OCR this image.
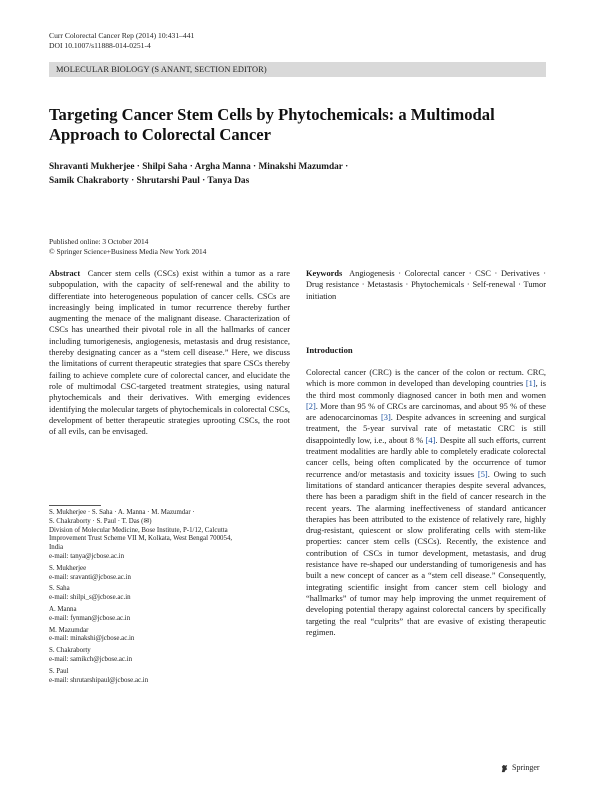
Curr Colorectal Cancer Rep (2014) 10:431–441
DOI 10.1007/s11888-014-0251-4
MOLECULAR BIOLOGY (S ANANT, SECTION EDITOR)
Targeting Cancer Stem Cells by Phytochemicals: a Multimodal
Approach to Colorectal Cancer
Shravanti Mukherjee · Shilpi Saha · Argha Manna · Minakshi Mazumdar ·
Samik Chakraborty · Shrutarshi Paul · Tanya Das
Published online: 3 October 2014
© Springer Science+Business Media New York 2014
Abstract Cancer stem cells (CSCs) exist within a tumor as a rare subpopulation, with the capacity of self-renewal and the ability to differentiate into heterogeneous population of cancer cells. CSCs are increasingly being implicated in tumor recurrence thereby further augmenting the menace of the malignant disease. Characterization of CSCs has unearthed their pivotal role in all the hallmarks of cancer including tumorigenesis, angiogenesis, metastasis and drug resistance, thereby designating cancer as a “stem cell disease.” Here, we discuss the limitations of current therapeutic strategies that spare CSCs thereby failing to achieve complete cure of colorectal cancer, and elucidate the role of multimodal CSC-targeted treatment strategies, using natural phytochemicals and their derivatives. With emerging evidences identifying the molecular targets of phytochemicals in colorectal CSCs, development of better therapeutic strategies uprooting CSCs, the root of all evils, can be envisaged.
Keywords Angiogenesis · Colorectal cancer · CSC · Derivatives · Drug resistance · Metastasis · Phytochemicals · Self-renewal · Tumor initiation
Introduction
Colorectal cancer (CRC) is the cancer of the colon or rectum. CRC, which is more common in developed than developing countries [1], is the third most commonly diagnosed cancer in both men and women [2]. More than 95 % of CRCs are carcinomas, and about 95 % of these are adenocarcinomas [3]. Despite advances in screening and surgical treatment, the 5-year survival rate of metastatic CRC is still disappointedly low, i.e., about 8 % [4]. Despite all such efforts, current treatment modalities are hardly able to completely eradicate colorectal cancer cells, being often complicated by the occurrence of tumor recurrence and/or metastasis and toxicity issues [5]. Owing to such limitations of standard anticancer therapies despite several advances, there has been a paradigm shift in the field of cancer research in the recent years. The alarming ineffectiveness of standard anticancer therapies has been attributed to the existence of relatively rare, highly drug-resistant, quiescent or slow proliferating cells with stem-like properties: cancer stem cells (CSCs). Recently, the existence and contribution of CSCs in tumor development, metastasis, and drug resistance have re-shaped our understanding of tumorigenesis and has built a new concept of cancer as a “stem cell disease.” Consequently, integrating scientific insight from cancer stem cell biology and “hallmarks” of tumor may help improving the unmet requirement of developing potential therapy against colorectal cancers by specifically targeting the real “culprits” that are evasive of existing therapeutic regimen.
S. Mukherjee · S. Saha · A. Manna · M. Mazumdar ·
S. Chakraborty · S. Paul · T. Das (✉)
Division of Molecular Medicine, Bose Institute, P-1/12, Calcutta
Improvement Trust Scheme VII M, Kolkata, West Bengal 700054,
India
e-mail: tanya@jcbose.ac.in
S. Mukherjee
e-mail: sravanti@jcbose.ac.in
S. Saha
e-mail: shilpi_s@jcbose.ac.in
A. Manna
e-mail: fynman@jcbose.ac.in
M. Mazumdar
e-mail: minakshi@jcbose.ac.in
S. Chakraborty
e-mail: samikch@jcbose.ac.in
S. Paul
e-mail: shrutarshipaul@jcbose.ac.in
Springer
